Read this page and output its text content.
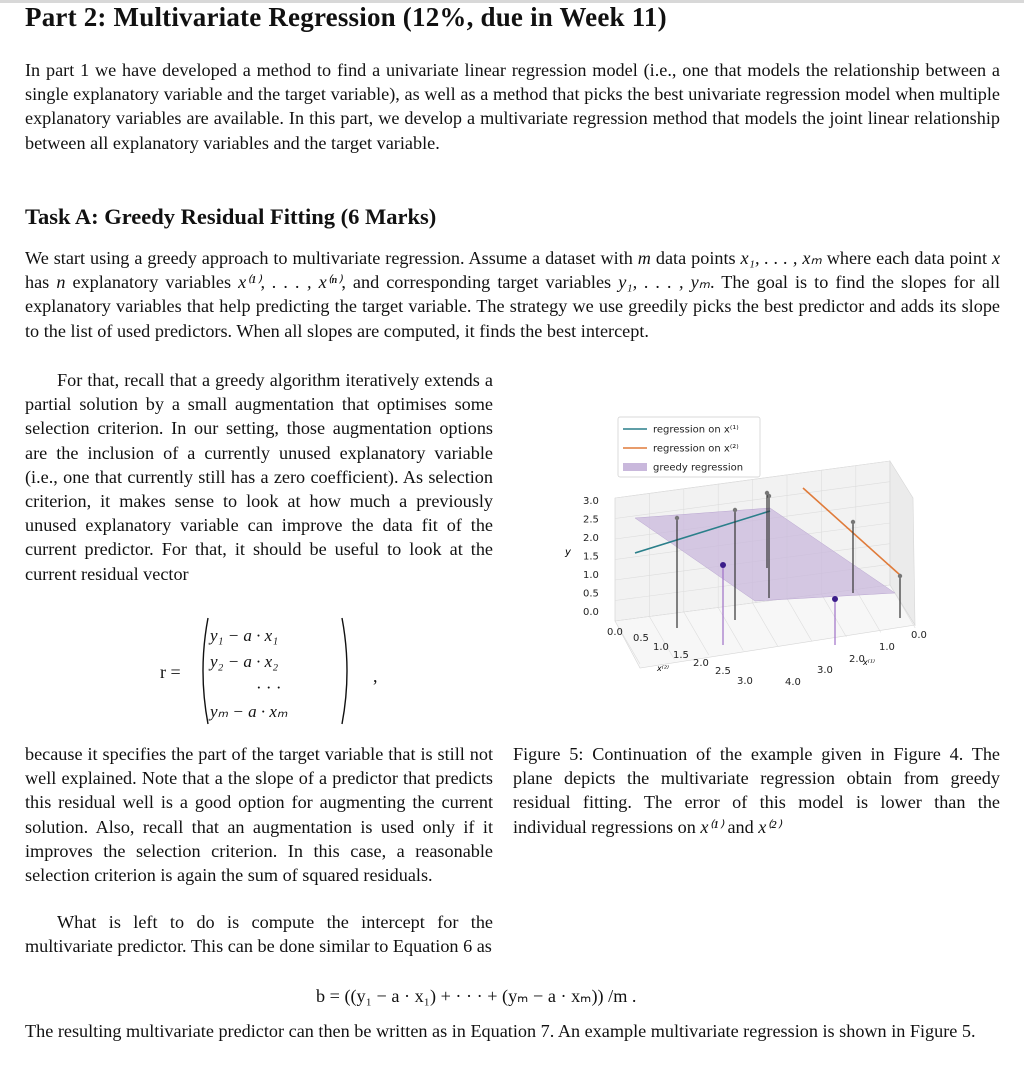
Part 2: Multivariate Regression (12%, due in Week 11)

In part 1 we have developed a method to find a univariate linear regression model (i.e., one that models the relationship between a single explanatory variable and the target variable), as well as a method that picks the best univariate regression model when multiple explanatory variables are available. In this part, we develop a multivariate regression method that models the joint linear relationship between all explanatory variables and the target variable.

Task A: Greedy Residual Fitting (6 Marks)

We start using a greedy approach to multivariate regression. Assume a dataset with m data points x₁, . . . , xₘ where each data point x has n explanatory variables x⁽¹⁾, . . . , x⁽ⁿ⁾, and corresponding target variables y₁, . . . , yₘ. The goal is to find the slopes for all explanatory variables that help predicting the target variable. The strategy we use greedily picks the best predictor and adds its slope to the list of used predictors. When all slopes are computed, it finds the best intercept.

For that, recall that a greedy algorithm iteratively extends a partial solution by a small augmentation that optimises some selection criterion. In our setting, those augmentation options are the inclusion of a currently unused explanatory variable (i.e., one that currently still has a zero coefficient). As selection criterion, it makes sense to look at how much a previously unused explanatory variable can improve the data fit of the current predictor. For that, it should be useful to look at the current residual vector

r =
y₁ − a · x₁
y₂ − a · x₂
· · ·
yₘ − a · xₘ
,

because it specifies the part of the target variable that is still not well explained. Note that a the slope of a predictor that predicts this residual well is a good option for augmenting the current solution. Also, recall that an augmentation is used only if it improves the selection criterion. In this case, a reasonable selection criterion is again the sum of squared residuals.

What is left to do is compute the intercept for the multivariate predictor. This can be done similar to Equation 6 as

b = ((y₁ − a · x₁) + · · · + (yₘ − a · xₘ)) /m .

The resulting multivariate predictor can then be written as in Equation 7. An example multivariate regression is shown in Figure 5.

Figure 5: Continuation of the example given in Figure 4. The plane depicts the multivariate regression obtain from greedy residual fitting. The error of this model is lower than the individual regressions on x⁽¹⁾ and x⁽²⁾

0.0
0.5
1.0
1.5
2.0
2.5
3.0
0.0
0.5
1.0
1.5
2.0
2.5
3.0	4.0
0.0
1.0
2.0
3.0
y
x⁽²⁾
x⁽¹⁾
regression on x⁽¹⁾
regression on x⁽²⁾
greedy regression
